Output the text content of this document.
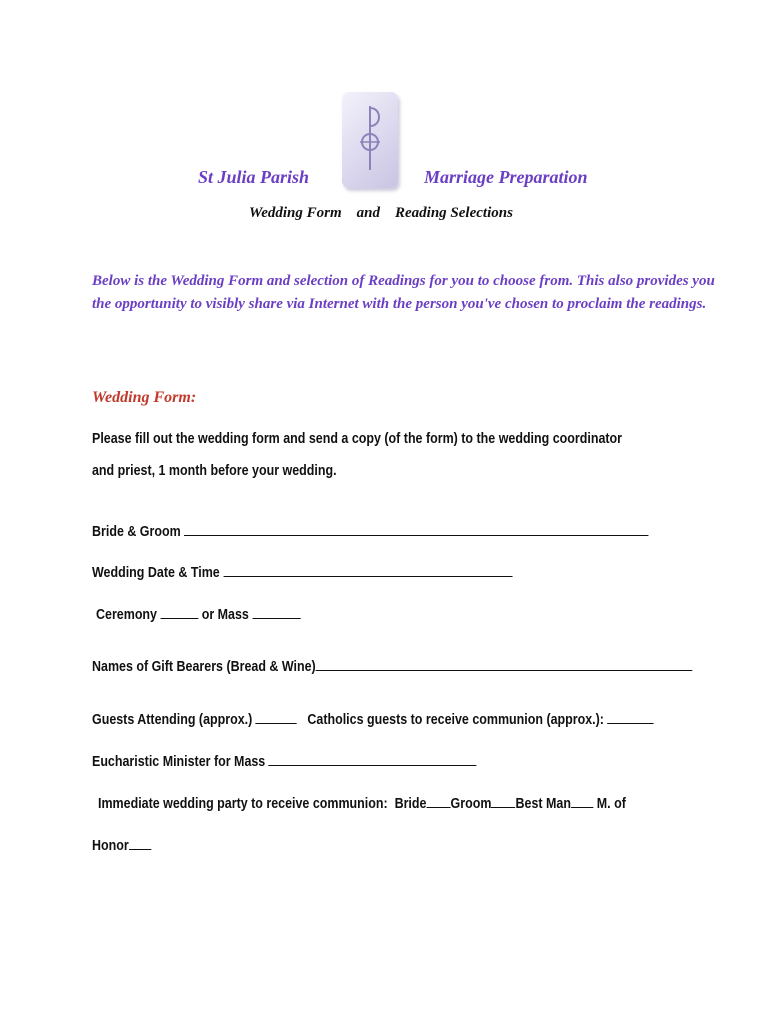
St Julia Parish	Marriage Preparation
Wedding Form and Reading Selections
Below is the Wedding Form and selection of Readings for you to choose from. This also provides you the opportunity to visibly share via Internet with the person you've chosen to proclaim the readings.
Wedding Form:
Please fill out the wedding form and send a copy (of the form) to the wedding coordinator
and priest, 1 month before your wedding.
Bride & Groom
Wedding Date & Time
Ceremony	or Mass
Names of Gift Bearers (Bread & Wine)
Guests Attending (approx.)	Catholics guests to receive communion (approx.):
Eucharistic Minister for Mass
Immediate wedding party to receive communion: Bride Groom Best Man M. of
Honor
